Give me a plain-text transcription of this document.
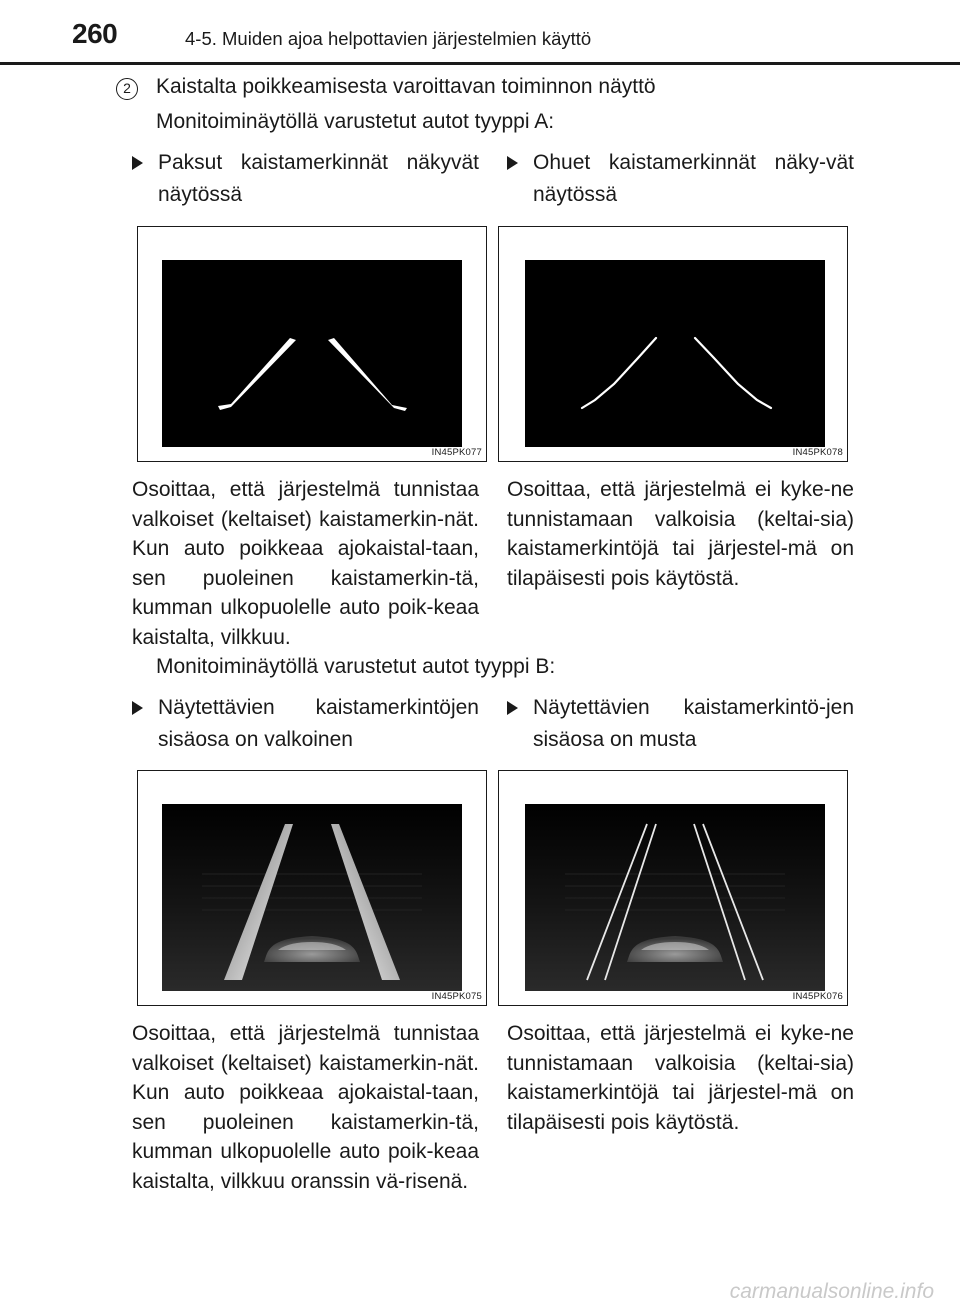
260	4-5. Muiden ajoa helpottavien järjestelmien käyttö
2	Kaistalta poikkeamisesta varoittavan toiminnon näyttö
Monitoiminäytöllä varustetut autot tyyppi A:
Paksut kaistamerkinnät näkyvät näytössä
Ohuet kaistamerkinnät näky-vät näytössä
IN45PK077	IN45PK078
Osoittaa, että järjestelmä tunnistaa valkoiset (keltaiset) kaistamerkin-nät. Kun auto poikkeaa ajokaistal-taan, sen puoleinen kaistamerkin-tä, kumman ulkopuolelle auto poik-keaa kaistalta, vilkkuu.
Osoittaa, että järjestelmä ei kyke-ne tunnistamaan valkoisia (keltai-sia) kaistamerkintöjä tai järjestel-mä on tilapäisesti pois käytöstä.
Monitoiminäytöllä varustetut autot tyyppi B:
Näytettävien kaistamerkintöjen sisäosa on valkoinen
Näytettävien kaistamerkintö-jen sisäosa on musta
IN45PK075	IN45PK076
Osoittaa, että järjestelmä tunnistaa valkoiset (keltaiset) kaistamerkin-nät. Kun auto poikkeaa ajokaistal-taan, sen puoleinen kaistamerkin-tä, kumman ulkopuolelle auto poik-keaa kaistalta, vilkkuu oranssin vä-risenä.
Osoittaa, että järjestelmä ei kyke-ne tunnistamaan valkoisia (keltai-sia) kaistamerkintöjä tai järjestel-mä on tilapäisesti pois käytöstä.
carmanualsonline.info
